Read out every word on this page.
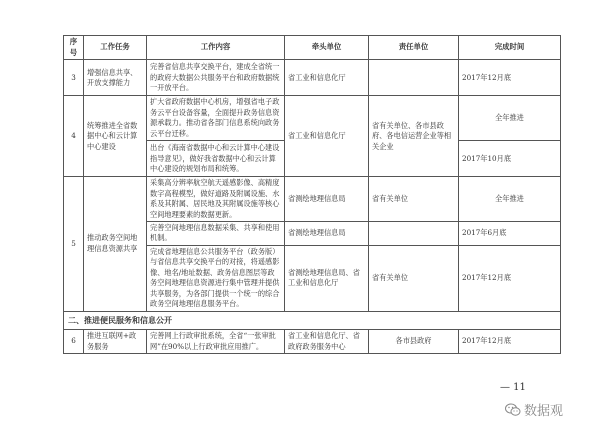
序号	工作任务	工作内容	牵头单位	责任单位	完成时间
3	增强信息共享、开放支撑能力	完善省信息共享交换平台，建成全省统一的政府大数据公共服务平台和政府数据统一开放平台。	省工业和信息化厅		2017年12月底
4	统筹推进全省数据中心和云计算中心建设	扩大省政府数据中心机房，增强省电子政务云平台设备容量，全面提升政务信息资源承载力。推动省各部门信息系统向政务云平台迁移。	省工业和信息化厅	省有关单位、各市县政府、各电信运营企业等相关企业	全年推进
		出台《海南省数据中心和云计算中心建设指导意见》，做好我省数据中心和云计算中心建设的规划布局和统筹。			2017年10月底
5	推动政务空间地理信息资源共享	采集高分辨率航空航天遥感影像、高精度数字高程模型，做好道路及附属设施、水系及其附属、居民地及其附属设施等核心空间地理要素的数据更新。	省测绘地理信息局	省有关单位	全年推进
		完善空间地理信息数据采集、共享和使用机制。	省测绘地理信息局		2017年6月底
		完成省地理信息公共服务平台（政务版）与省信息共享交换平台的对接，将遥感影像、地名/地址数据、政务信息图层等政务空间地理信息资源进行集中管理并提供共享服务，为各部门提供一个统一的综合政务空间地理信息服务平台。	省测绘地理信息局、省工业和信息化厅	省有关单位	2017年12月底
二、推进便民服务和信息公开					
6	推进互联网+政务服务	完善网上行政审批系统，全省“一张审批网”在90%以上行政审批应用推广。	省工业和信息化厅、省政府政务服务中心	各市县政府	2017年12月底
— 11
数据观
